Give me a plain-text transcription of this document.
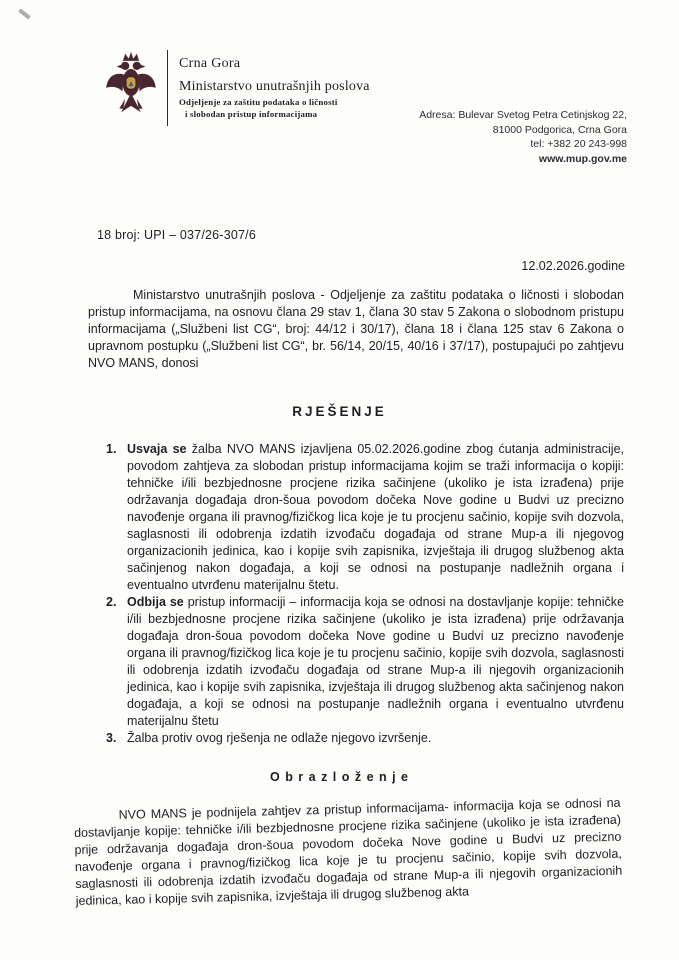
Crna Gora
Ministarstvo unutrašnjih poslova
Odjeljenje za zaštitu podataka o ličnosti
i slobodan pristup informacijama	Adresa: Bulevar Svetog Petra Cetinjskog 22,
81000 Podgorica, Crna Gora
tel: +382 20 243-998
www.mup.gov.me
18 broj: UPI – 037/26-307/6
12.02.2026.godine

Ministarstvo unutrašnjih poslova - Odjeljenje za zaštitu podataka o ličnosti i slobodan pristup informacijama, na osnovu člana 29 stav 1, člana 30 stav 5 Zakona o slobodnom pristupu informacijama („Službeni list CG“, broj: 44/12 i 30/17), člana 18 i člana 125 stav 6 Zakona o upravnom postupku („Službeni list CG“, br. 56/14, 20/15, 40/16 i 37/17), postupajući po zahtjevu NVO MANS, donosi

RJEŠENJE
1. Usvaja se žalba NVO MANS izjavljena 05.02.2026.godine zbog ćutanja administracije, povodom zahtjeva za slobodan pristup informacijama kojim se traži informacija o kopiji: tehničke i/ili bezbjednosne procjene rizika sačinjene (ukoliko je ista izrađena) prije održavanja događaja dron-šoua povodom dočeka Nove godine u Budvi uz precizno navođenje organa ili pravnog/fizičkog lica koje je tu procjenu sačinio, kopije svih dozvola, saglasnosti ili odobrenja izdatih izvođaču događaja od strane Mup-a ili njegovog organizacionih jedinica, kao i kopije svih zapisnika, izvještaja ili drugog službenog akta sačinjenog nakon događaja, a koji se odnosi na postupanje nadležnih organa i eventualno utvrđenu materijalnu štetu.

2. Odbija se pristup informaciji – informacija koja se odnosi na dostavljanje kopije: tehničke i/ili bezbjednosne procjene rizika sačinjene (ukoliko je ista izrađena) prije održavanja događaja dron-šoua povodom dočeka Nove godine u Budvi uz precizno navođenje organa ili pravnog/fizičkog lica koje je tu procjenu sačinio, kopije svih dozvola, saglasnosti ili odobrenja izdatih izvođaču događaja od strane Mup-a ili njegovih organizacionih jedinica, kao i kopije svih zapisnika, izvještaja ili drugog službenog akta sačinjenog nakon događaja, a koji se odnosi na postupanje nadležnih organa i eventualno utvrđenu materijalnu štetu

3. Žalba protiv ovog rješenja ne odlaže njegovo izvršenje.

O b r a z l o ž e n j e

NVO MANS je podnijela zahtjev za pristup informacijama- informacija koja se odnosi na dostavljanje kopije: tehničke i/ili bezbjednosne procjene rizika sačinjene (ukoliko je ista izrađena) prije održavanja događaja dron-šoua povodom dočeka Nove godine u Budvi uz precizno navođenje organa i pravnog/fizičkog lica koje je tu procjenu sačinio, kopije svih dozvola, saglasnosti ili odobrenja izdatih izvođaču događaja od strane Mup-a ili njegovih organizacionih jedinica, kao i kopije svih zapisnika, izvještaja ili drugog službenog akta
